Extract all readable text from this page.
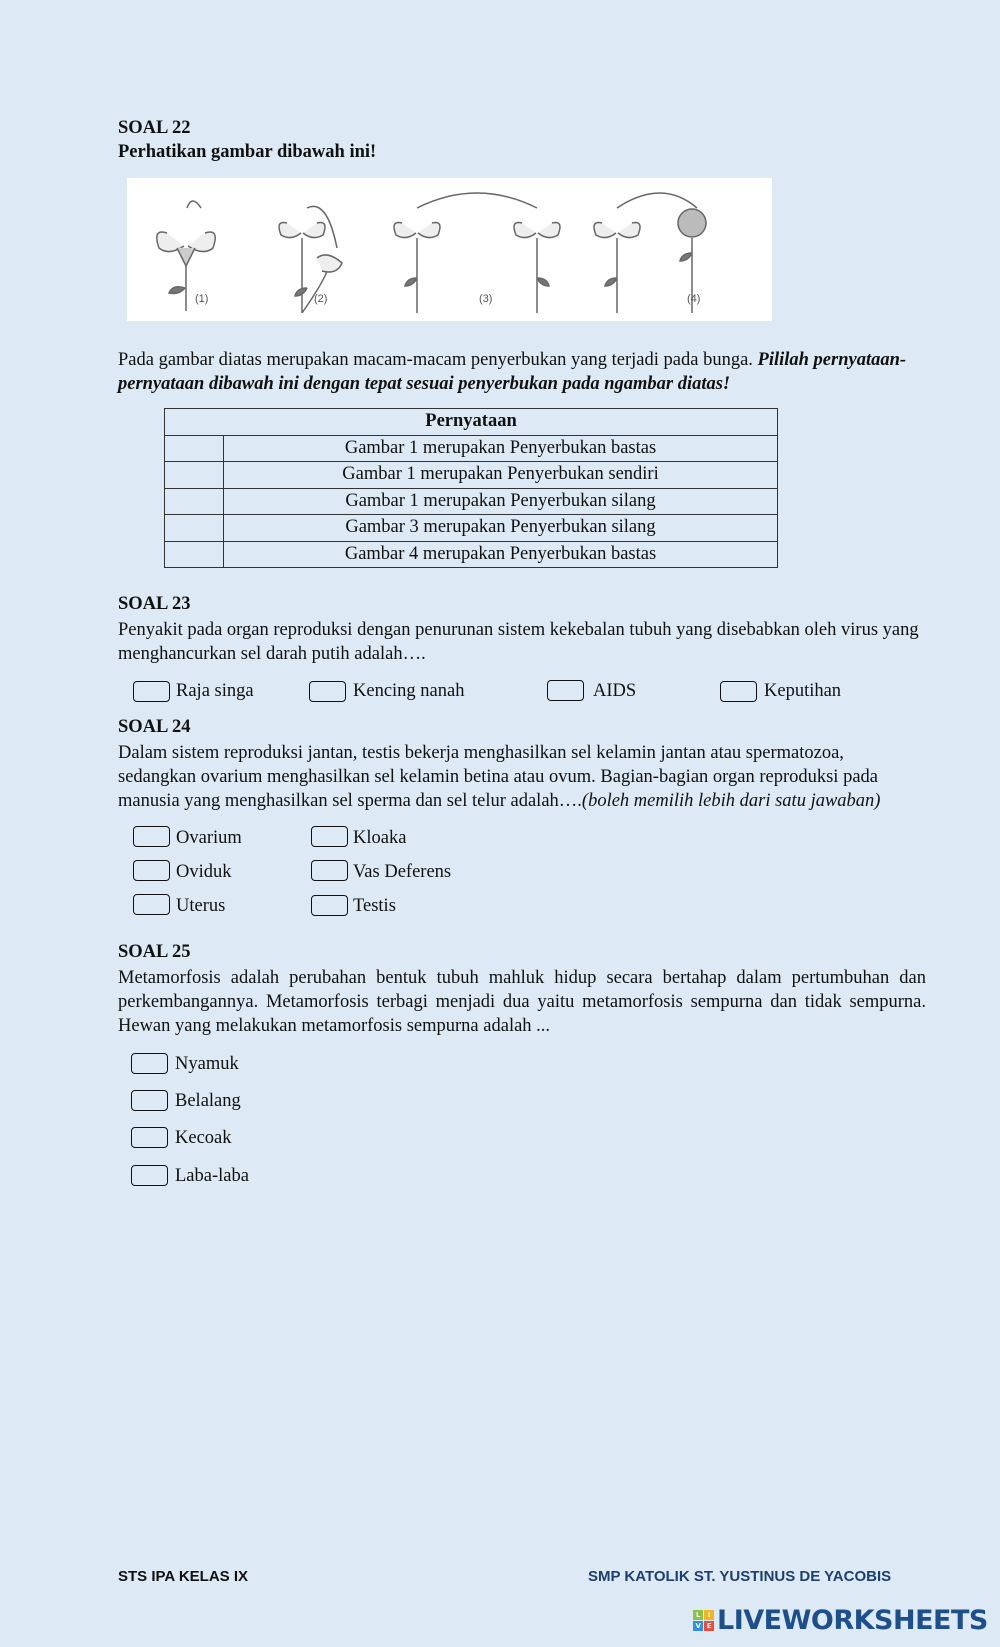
SOAL 22
Perhatikan gambar dibawah ini!
(1)	(2)	(3)	(4)
Pada gambar diatas merupakan macam-macam penyerbukan yang terjadi pada bunga. Pililah pernyataan-pernyataan dibawah ini dengan tepat sesuai penyerbukan pada ngambar diatas!
Pernyataan	
	Gambar 1 merupakan Penyerbukan bastas
	Gambar 1 merupakan Penyerbukan sendiri
	Gambar 1 merupakan Penyerbukan silang
	Gambar 3 merupakan Penyerbukan silang
	Gambar 4 merupakan Penyerbukan bastas
SOAL 23
Penyakit pada organ reproduksi dengan penurunan sistem kekebalan tubuh yang disebabkan oleh virus yang menghancurkan sel darah putih adalah….
Raja singa	Kencing nanah	AIDS	Keputihan
SOAL 24
Dalam sistem reproduksi jantan, testis bekerja menghasilkan sel kelamin jantan atau spermatozoa, sedangkan ovarium menghasilkan sel kelamin betina atau ovum. Bagian-bagian organ reproduksi pada manusia yang menghasilkan sel sperma dan sel telur adalah….(boleh memilih lebih dari satu jawaban)
Ovarium	Kloaka
Oviduk	Vas Deferens
Uterus	Testis
SOAL 25
Metamorfosis adalah perubahan bentuk tubuh mahluk hidup secara bertahap dalam pertumbuhan dan perkembangannya. Metamorfosis terbagi menjadi dua yaitu metamorfosis sempurna dan tidak sempurna. Hewan yang melakukan metamorfosis sempurna adalah ...
Nyamuk
Belalang
Kecoak
Laba-laba
STS IPA KELAS IX	SMP KATOLIK ST. YUSTINUS DE YACOBIS
L	I
V E LIVEWORKSHEETS
